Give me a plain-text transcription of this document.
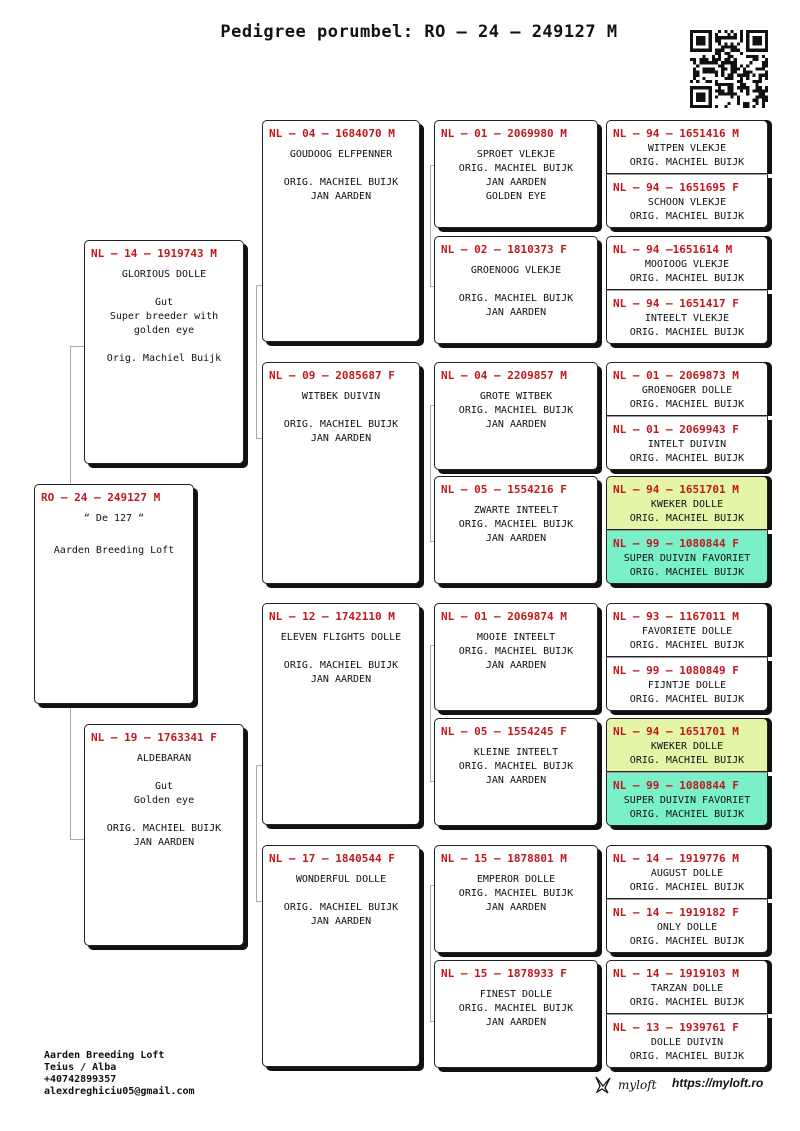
Pedigree porumbel: RO – 24 – 249127 M
RO – 24 – 249127 M
“ De 127 “
Aarden Breeding Loft
NL – 14 – 1919743 M
GLORIOUS DOLLE

Gut
Super breeder with
golden eye

Orig. Machiel Buijk
NL – 19 – 1763341 F
ALDEBARAN

Gut
Golden eye

ORIG. MACHIEL BUIJK
JAN AARDEN
NL – 04 – 1684070 M
GOUDOOG ELFPENNER

ORIG. MACHIEL BUIJK
JAN AARDEN
NL – 09 – 2085687 F
WITBEK DUIVIN

ORIG. MACHIEL BUIJK
JAN AARDEN
NL – 12 – 1742110 M
ELEVEN FLIGHTS DOLLE

ORIG. MACHIEL BUIJK
JAN AARDEN
NL – 17 – 1840544 F
WONDERFUL DOLLE

ORIG. MACHIEL BUIJK
JAN AARDEN
NL – 01 – 2069980 M
SPROET VLEKJE
ORIG. MACHIEL BUIJK
JAN AARDEN
GOLDEN EYE
NL – 02 – 1810373 F
GROENOOG VLEKJE

ORIG. MACHIEL BUIJK
JAN AARDEN
NL – 04 – 2209857 M
GROTE WITBEK
ORIG. MACHIEL BUIJK
JAN AARDEN
NL – 05 – 1554216 F
ZWARTE INTEELT
ORIG. MACHIEL BUIJK
JAN AARDEN
NL – 01 – 2069874 M
MOOIE INTEELT
ORIG. MACHIEL BUIJK
JAN AARDEN
NL – 05 – 1554245 F
KLEINE INTEELT
ORIG. MACHIEL BUIJK
JAN AARDEN
NL – 15 – 1878801 M
EMPEROR DOLLE
ORIG. MACHIEL BUIJK
JAN AARDEN
NL – 15 – 1878933 F
FINEST DOLLE
ORIG. MACHIEL BUIJK
JAN AARDEN
NL – 94 – 1651416 M
WITPEN VLEKJE
ORIG. MACHIEL BUIJK
NL – 94 – 1651695 F
SCHOON VLEKJE
ORIG. MACHIEL BUIJK
NL – 94 –1651614 M
MOOIOOG VLEKJE
ORIG. MACHIEL BUIJK
NL – 94 – 1651417 F
INTEELT VLEKJE
ORIG. MACHIEL BUIJK
NL – 01 – 2069873 M
GROENOGER DOLLE
ORIG. MACHIEL BUIJK
NL – 01 – 2069943 F
INTELT DUIVIN
ORIG. MACHIEL BUIJK
NL – 94 – 1651701 M
KWEKER DOLLE
ORIG. MACHIEL BUIJK
NL – 99 – 1080844 F
SUPER DUIVIN FAVORIET
ORIG. MACHIEL BUIJK
NL – 93 – 1167011 M
FAVORIETE DOLLE
ORIG. MACHIEL BUIJK
NL – 99 – 1080849 F
FIJNTJE DOLLE
ORIG. MACHIEL BUIJK
NL – 94 – 1651701 M
KWEKER DOLLE
ORIG. MACHIEL BUIJK
NL – 99 – 1080844 F
SUPER DUIVIN FAVORIET
ORIG. MACHIEL BUIJK
NL – 14 – 1919776 M
AUGUST DOLLE
ORIG. MACHIEL BUIJK
NL – 14 – 1919182 F
ONLY DOLLE
ORIG. MACHIEL BUIJK
NL – 14 – 1919103 M
TARZAN DOLLE
ORIG. MACHIEL BUIJK
NL – 13 – 1939761 F
DOLLE DUIVIN
ORIG. MACHIEL BUIJK
Aarden Breeding Loft
Teius / Alba
+40742899357
alexdreghiciu05@gmail.com	myloft https://myloft.ro
